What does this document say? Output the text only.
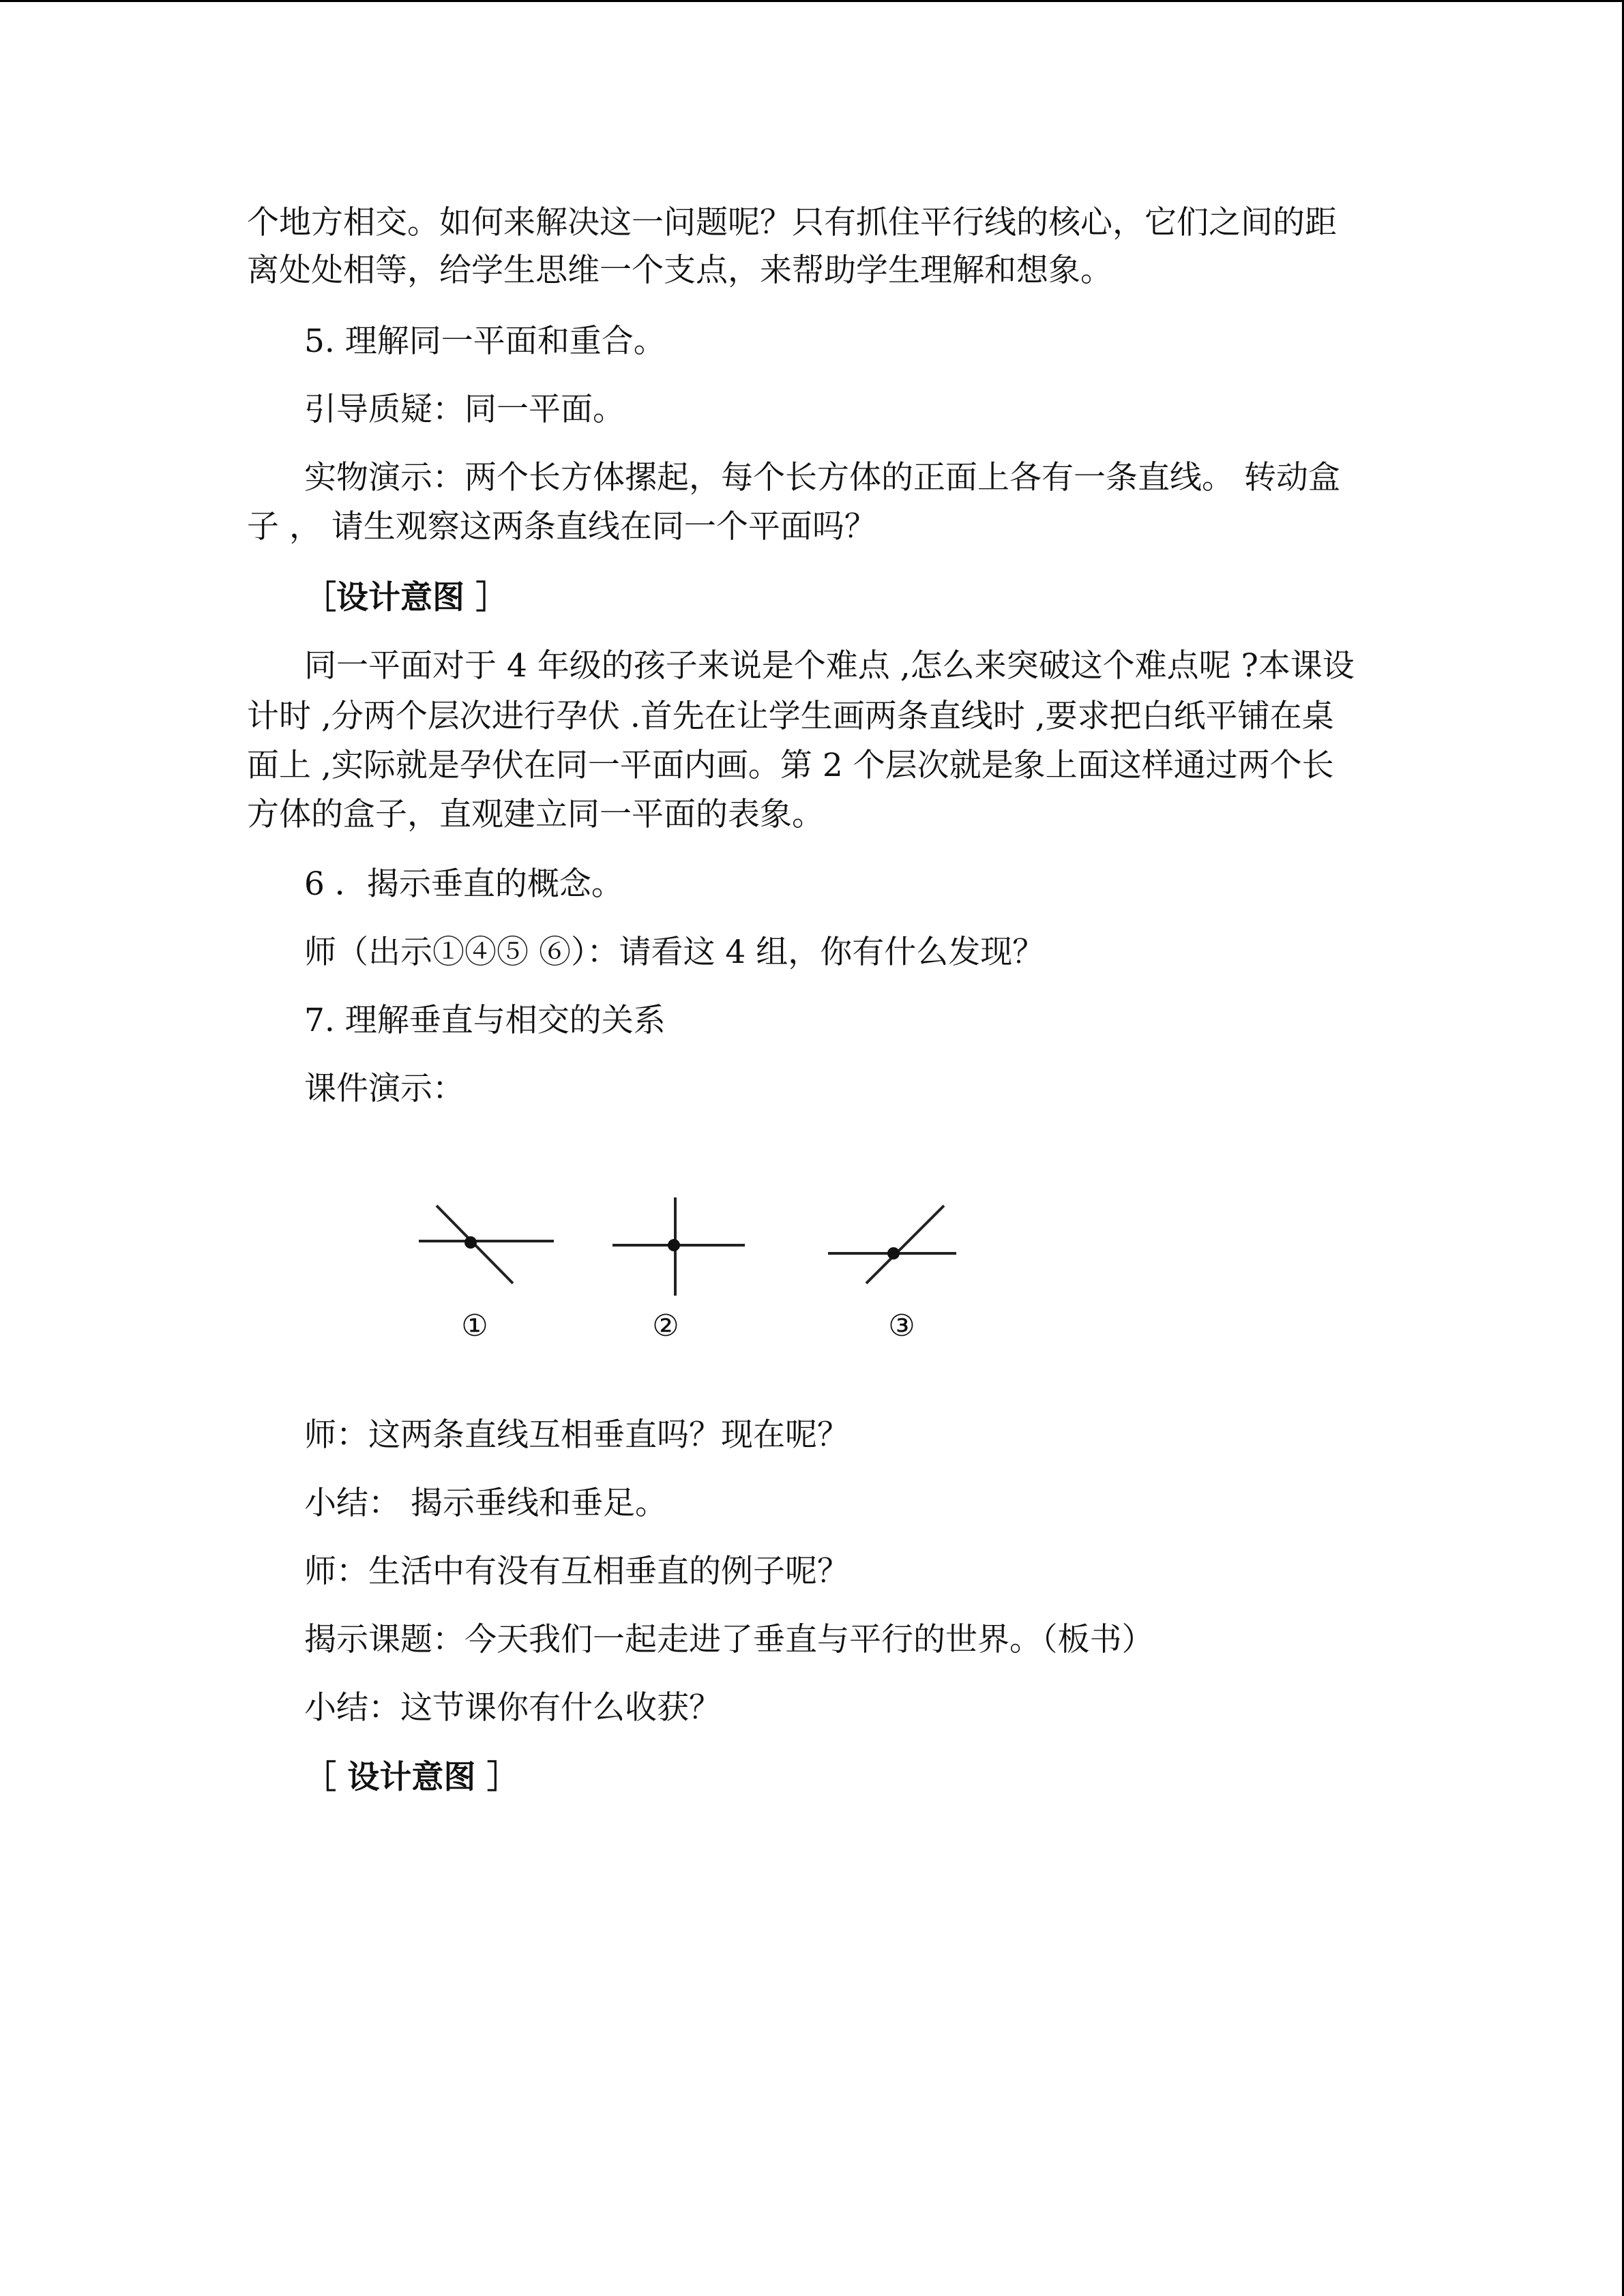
个地方相交。如何来解决这一问题呢？只有抓住平行线的核心，它们之间的距
离处处相等，给学生思维一个支点，来帮助学生理解和想象。
5. 理解同一平面和重合。
引导质疑：同一平面。
实物演示：两个长方体摞起，每个长方体的正面上各有一条直线。 转动盒
子 ， 请生观察这两条直线在同一个平面吗？
［设计意图 ］
同一平面对于 4 年级的孩子来说是个难点 ,怎么来突破这个难点呢 ?本课设
计时 ,分两个层次进行孕伏 .首先在让学生画两条直线时 ,要求把白纸平铺在桌
面上 ,实际就是孕伏在同一平面内画。第 2 个层次就是象上面这样通过两个长
方体的盒子，直观建立同一平面的表象。
6 ．揭示垂直的概念。
师（出示①④⑤ ⑥）：请看这 4 组，你有什么发现？
7. 理解垂直与相交的关系
课件演示：
①	②	③
师：这两条直线互相垂直吗？现在呢？
小结： 揭示垂线和垂足。
师：生活中有没有互相垂直的例子呢？
揭示课题：今天我们一起走进了垂直与平行的世界。（板书）
小结：这节课你有什么收获？
［ 设计意图 ］
